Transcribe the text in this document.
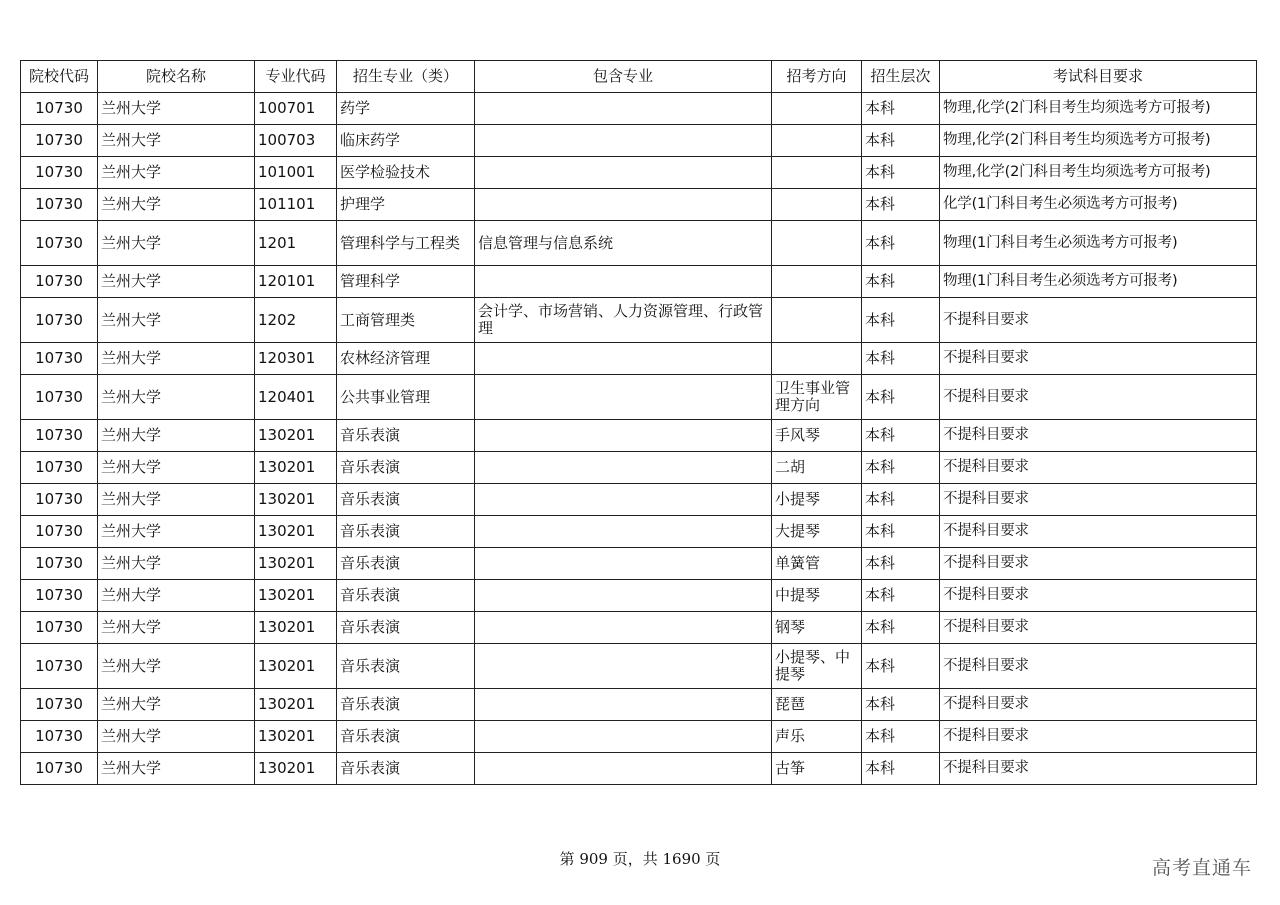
院校代码	院校名称	专业代码	招生专业（类）	包含专业	招考方向	招生层次	考试科目要求
10730	兰州大学	100701	药学			本科	物理,化学(2门科目考生均须选考方可报考)
10730	兰州大学	100703	临床药学			本科	物理,化学(2门科目考生均须选考方可报考)
10730	兰州大学	101001	医学检验技术			本科	物理,化学(2门科目考生均须选考方可报考)
10730	兰州大学	101101	护理学			本科	化学(1门科目考生必须选考方可报考)
10730	兰州大学	1201	管理科学与工程类	信息管理与信息系统		本科	物理(1门科目考生必须选考方可报考)
10730	兰州大学	120101	管理科学			本科	物理(1门科目考生必须选考方可报考)
10730	兰州大学	1202	工商管理类	会计学、市场营销、人力资源管理、行政管理		本科	不提科目要求
10730	兰州大学	120301	农林经济管理			本科	不提科目要求
10730	兰州大学	120401	公共事业管理		卫生事业管理方向	本科	不提科目要求
10730	兰州大学	130201	音乐表演		手风琴	本科	不提科目要求
10730	兰州大学	130201	音乐表演		二胡	本科	不提科目要求
10730	兰州大学	130201	音乐表演		小提琴	本科	不提科目要求
10730	兰州大学	130201	音乐表演		大提琴	本科	不提科目要求
10730	兰州大学	130201	音乐表演		单簧管	本科	不提科目要求
10730	兰州大学	130201	音乐表演		中提琴	本科	不提科目要求
10730	兰州大学	130201	音乐表演		钢琴	本科	不提科目要求
10730	兰州大学	130201	音乐表演		小提琴、中提琴	本科	不提科目要求
10730	兰州大学	130201	音乐表演		琵琶	本科	不提科目要求
10730	兰州大学	130201	音乐表演		声乐	本科	不提科目要求
10730	兰州大学	130201	音乐表演		古筝	本科	不提科目要求
第 909 页，共 1690 页	高考直通车
